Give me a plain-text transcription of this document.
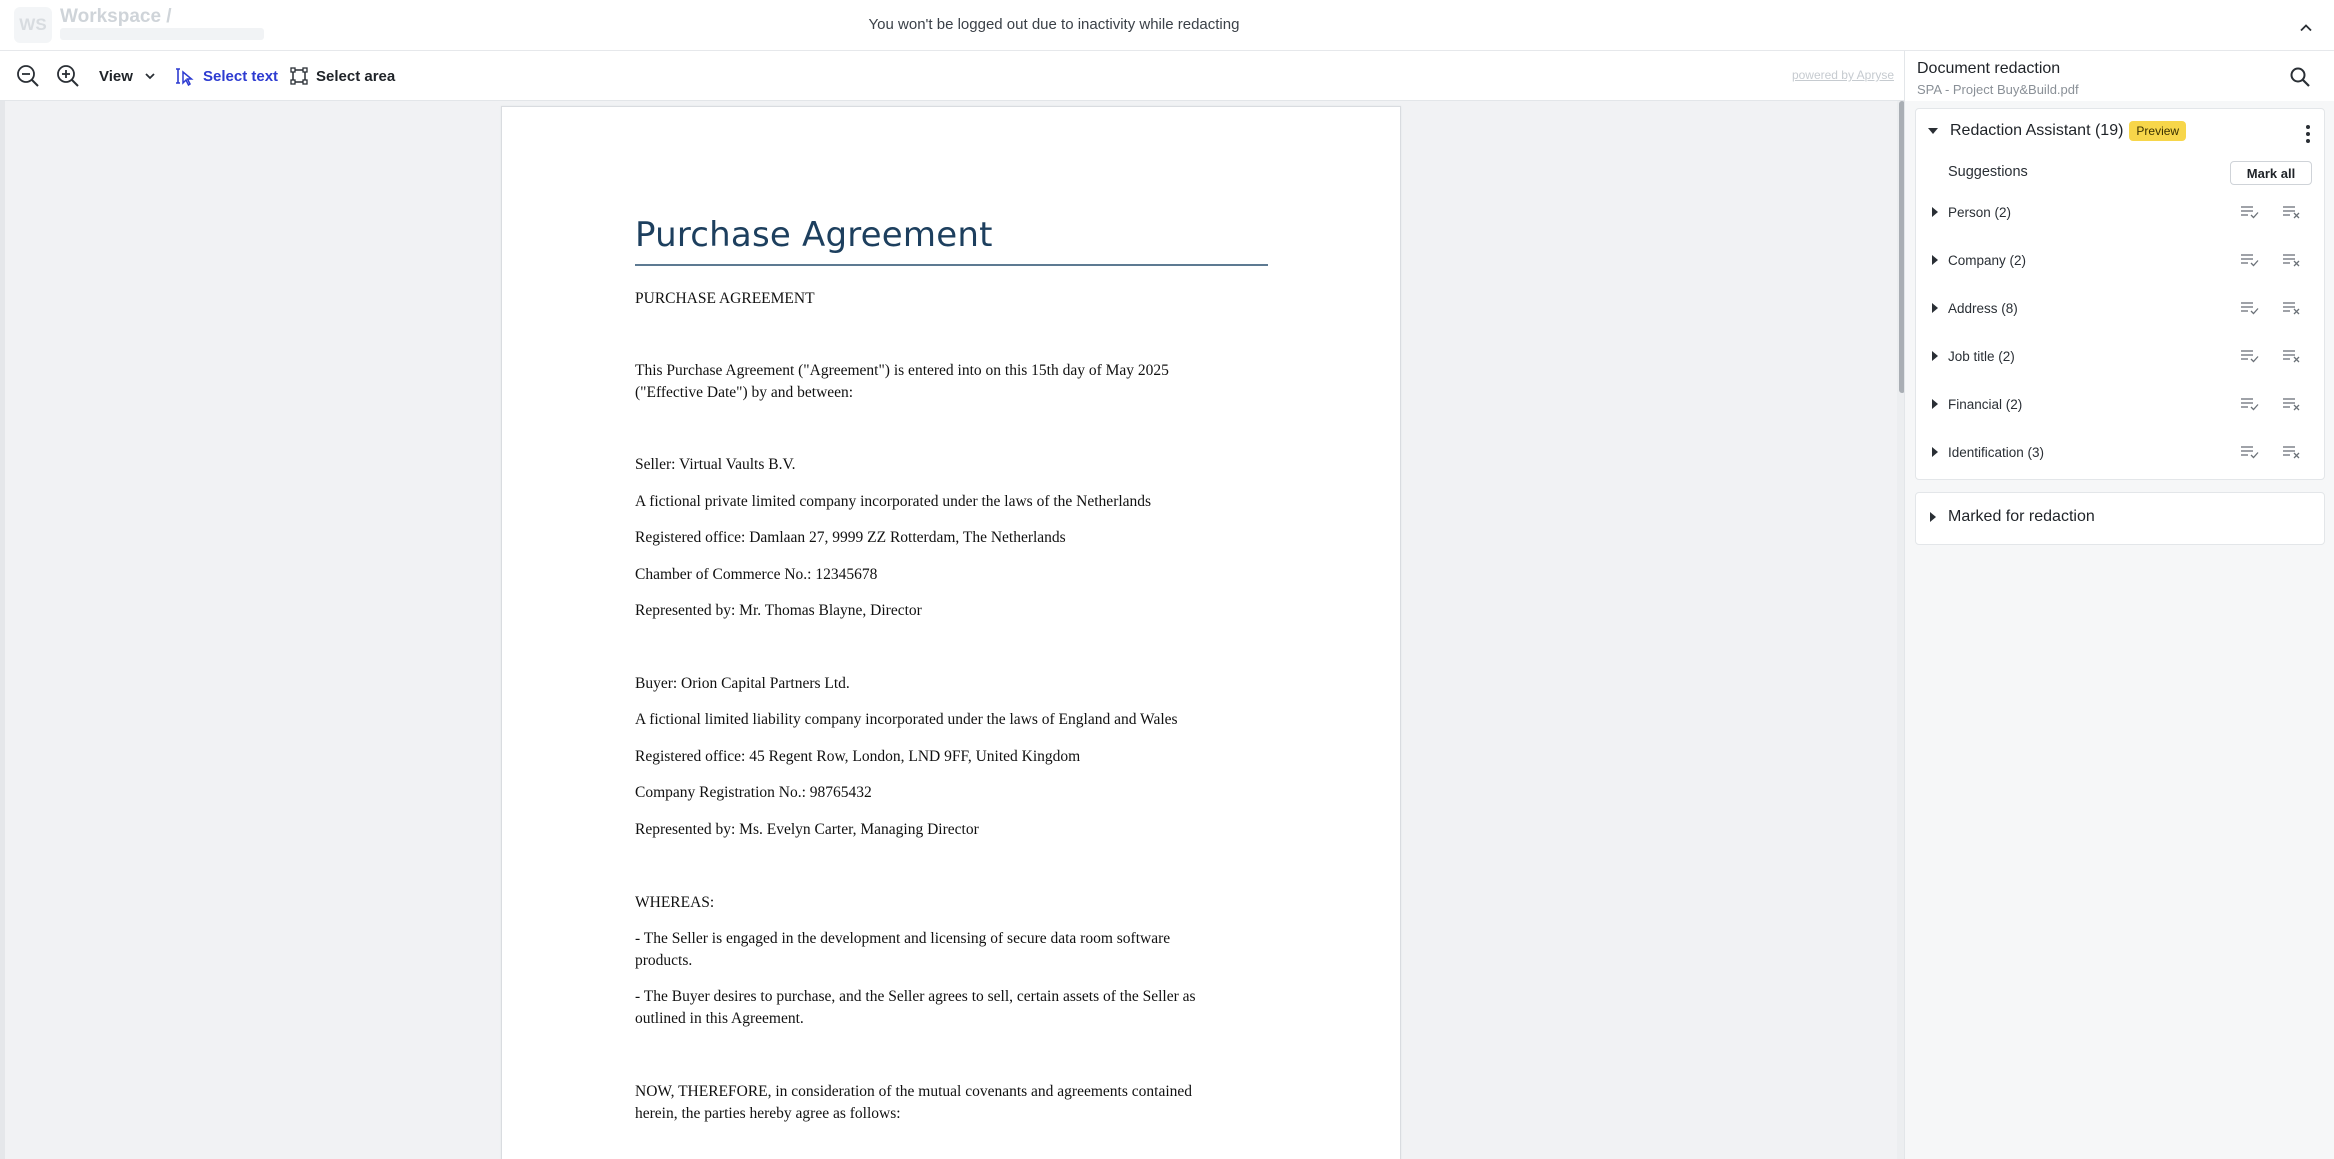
WS Workspace /	You won't be logged out due to inactivity while redacting
View	Select text	Select area	powered by Apryse
Purchase Agreement
PURCHASE AGREEMENT
This Purchase Agreement ("Agreement") is entered into on this 15th day of May 2025
("Effective Date") by and between:
Seller: Virtual Vaults B.V.
A fictional private limited company incorporated under the laws of the Netherlands
Registered office: Damlaan 27, 9999 ZZ Rotterdam, The Netherlands
Chamber of Commerce No.: 12345678
Represented by: Mr. Thomas Blayne, Director
Buyer: Orion Capital Partners Ltd.
A fictional limited liability company incorporated under the laws of England and Wales
Registered office: 45 Regent Row, London, LND 9FF, United Kingdom
Company Registration No.: 98765432
Represented by: Ms. Evelyn Carter, Managing Director
WHEREAS:
- The Seller is engaged in the development and licensing of secure data room software
products.
- The Buyer desires to purchase, and the Seller agrees to sell, certain assets of the Seller as
outlined in this Agreement.
NOW, THEREFORE, in consideration of the mutual covenants and agreements contained
herein, the parties hereby agree as follows:
Document redaction
SPA - Project Buy&Build.pdf
Redaction Assistant (19)	Preview
Suggestions	Mark all
Person (2)
Company (2)
Address (8)
Job title (2)
Financial (2)
Identification (3)
Marked for redaction
